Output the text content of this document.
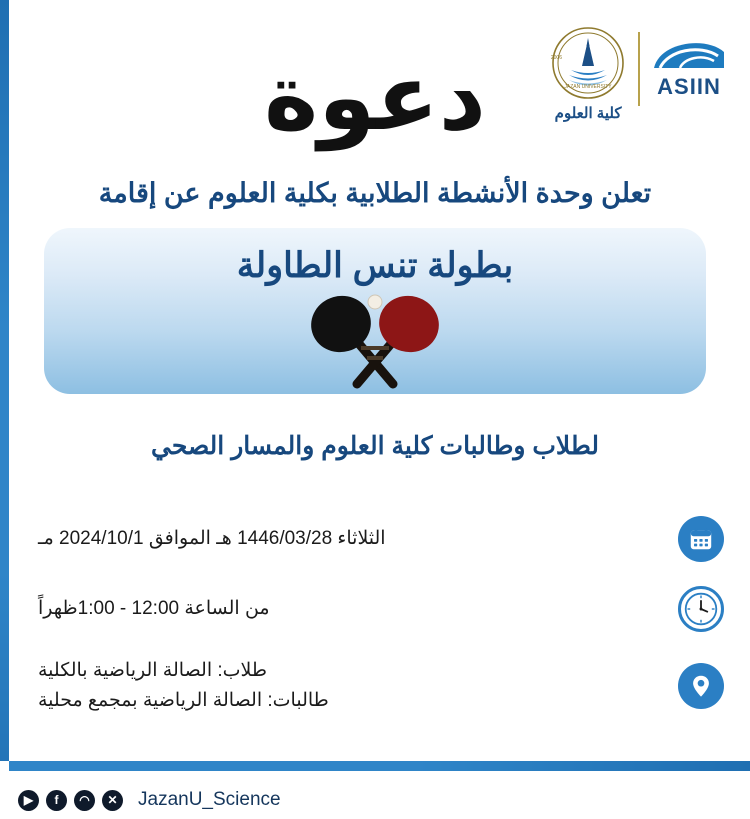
JAZAN UNIVERSITY
2006
كلية العلوم
ASIIN
دعوة
تعلن وحدة الأنشطة الطلابية بكلية العلوم عن إقامة
بطولة تنس الطاولة
لطلاب وطالبات كلية العلوم والمسار الصحي
الثلاثاء 1446/03/28 هـ الموافق 2024/10/1 مـ
من الساعة 12:00 - 1:00ظهراً
طلاب: الصالة الرياضية بالكلية
طالبات: الصالة الرياضية بمجمع محلية
▶	f	◠	✕ JazanU_Science
